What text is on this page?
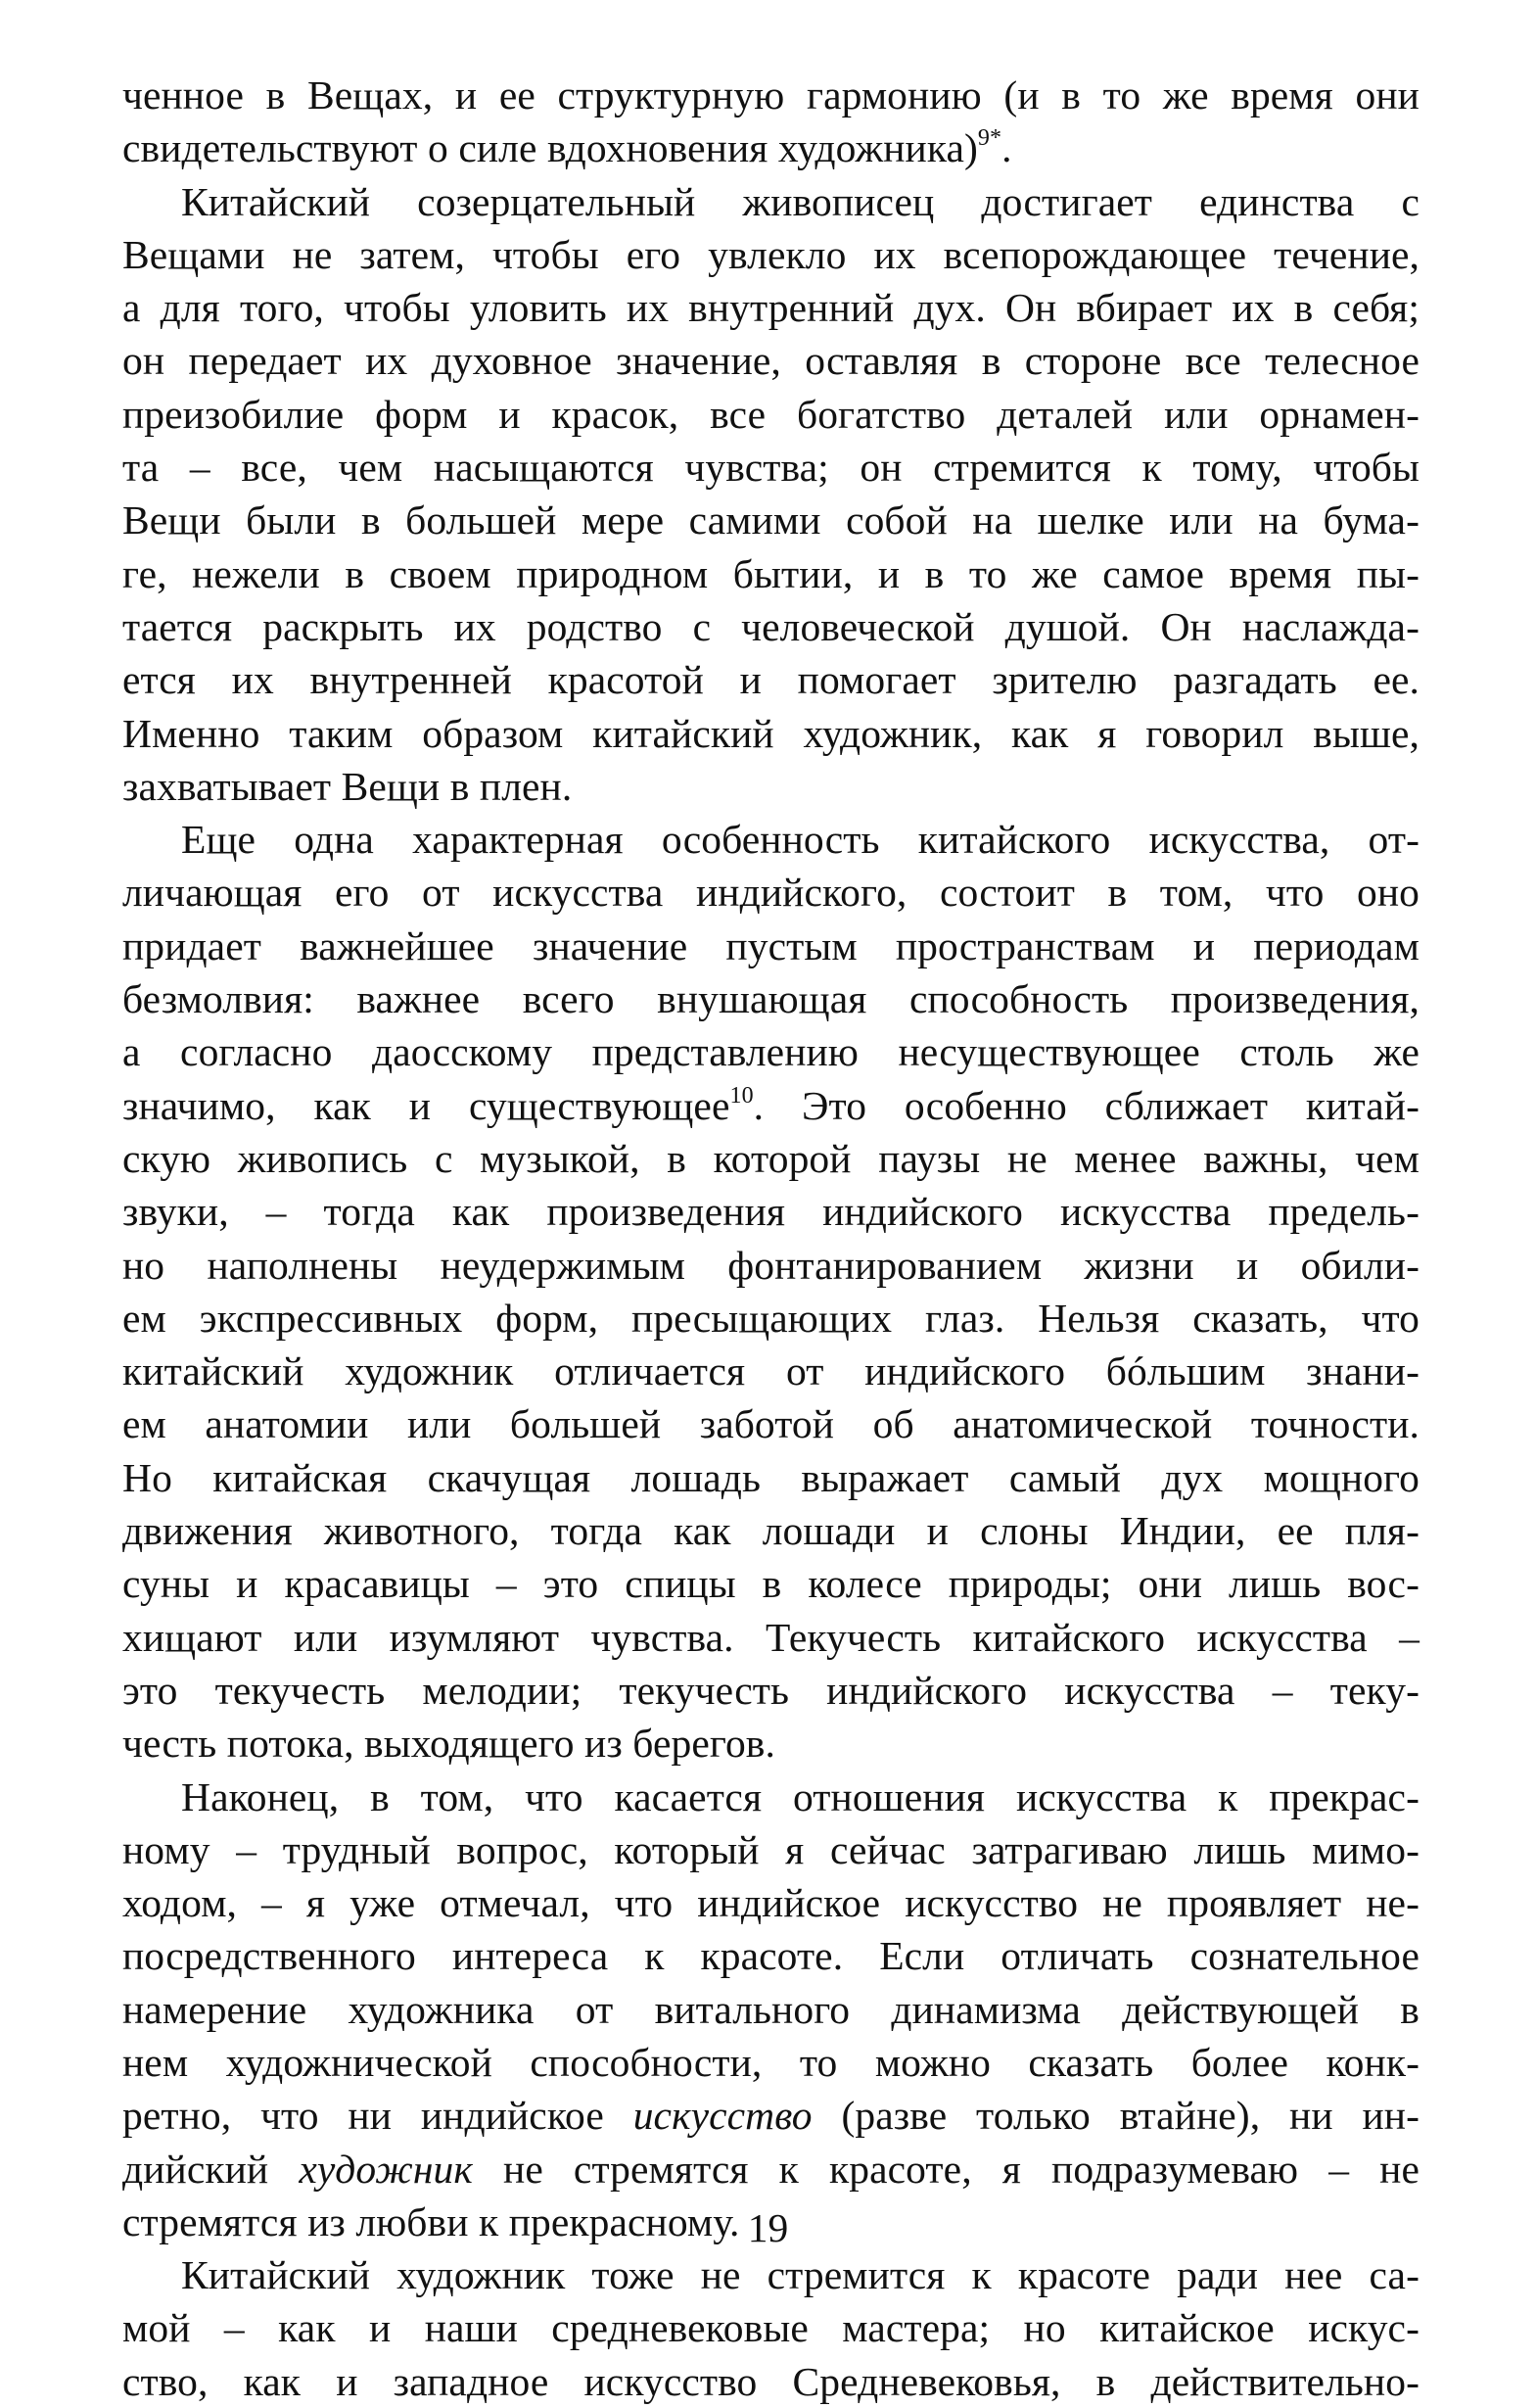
ченное в Вещах, и ее структурную гармонию (и в то же время они
свидетельствуют о силе вдохновения художника)$^{9*}$.
Китайский созерцательный живописец достигает единства с
Вещами не затем, чтобы его увлекло их всепорождающее течение,
а для того, чтобы уловить их внутренний дух. Он вбирает их в себя;
он передает их духовное значение, оставляя в стороне все телесное
преизобилие форм и красок, все богатство деталей или орнамен-
та – все, чем насыщаются чувства; он стремится к тому, чтобы
Вещи были в большей мере самими собой на шелке или на бума-
ге, нежели в своем природном бытии, и в то же самое время пы-
тается раскрыть их родство с человеческой душой. Он наслажда-
ется их внутренней красотой и помогает зрителю разгадать ее.
Именно таким образом китайский художник, как я говорил выше,
захватывает Вещи в плен.
Еще одна характерная особенность китайского искусства, от-
личающая его от искусства индийского, состоит в том, что оно
придает важнейшее значение пустым пространствам и периодам
безмолвия: важнее всего внушающая способность произведения,
а согласно даосскому представлению несуществующее столь же
значимо, как и существующее$^{10}$. Это особенно сближает китай-
скую живопись с музыкой, в которой паузы не менее важны, чем
звуки, – тогда как произведения индийского искусства предель-
но наполнены неудержимым фонтанированием жизни и обили-
ем экспрессивных форм, пресыщающих глаз. Нельзя сказать, что
китайский художник отличается от индийского бóльшим знани-
ем анатомии или большей заботой об анатомической точности.
Но китайская скачущая лошадь выражает самый дух мощного
движения животного, тогда как лошади и слоны Индии, ее пля-
суны и красавицы – это спицы в колесе природы; они лишь вос-
хищают или изумляют чувства. Текучесть китайского искусства –
это текучесть мелодии; текучесть индийского искусства – теку-
честь потока, выходящего из берегов.
Наконец, в том, что касается отношения искусства к прекрас-
ному – трудный вопрос, который я сейчас затрагиваю лишь мимо-
ходом, – я уже отмечал, что индийское искусство не проявляет не-
посредственного интереса к красоте. Если отличать сознательное
намерение художника от витального динамизма действующей в
нем художнической способности, то можно сказать более конк-
ретно, что ни индийское искусство (разве только втайне), ни ин-
дийский художник не стремятся к красоте, я подразумеваю – не
стремятся из любви к прекрасному.
Китайский художник тоже не стремится к красоте ради нее са-
мой – как и наши средневековые мастера; но китайское искус-
ство, как и западное искусство Средневековья, в действительно-
19
